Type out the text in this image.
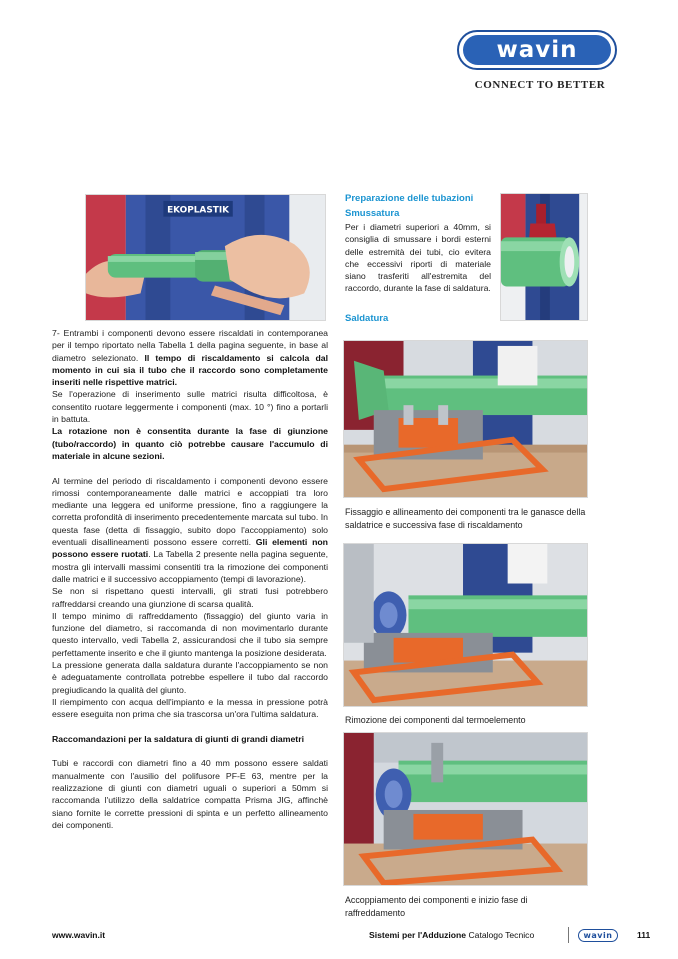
wavin
CONNECT TO BETTER
EKOPLASTIK
Preparazione delle tubazioni
Smussatura

Per i diametri superiori a 40mm, si consiglia di smussare i bordi esterni delle estremità dei tubi, cio evitera che eccessivi riporti di materiale siano trasferiti all'estremita del raccordo, durante la fase di saldatura.

Saldatura
Fissaggio e allineamento dei componenti tra le ganasce della saldatrice e successiva fase di riscaldamento
Rimozione dei componenti dal termoelemento
Accoppiamento dei componenti e inizio fase di raffreddamento

7- Entrambi i componenti devono essere riscaldati in contemporanea per il tempo riportato nella Tabella 1 della pagina seguente, in base al diametro selezionato. Il tempo di riscaldamento si calcola dal momento in cui sia il tubo che il raccordo sono completamente inseriti nelle rispettive matrici.
Se l'operazione di inserimento sulle matrici risulta difficoltosa, è consentito ruotare leggermente i componenti (max. 10 °) fino a portarli in battuta.
La rotazione non è consentita durante la fase di giunzione (tubo/raccordo) in quanto ciò potrebbe causare l'accumulo di materiale in alcune sezioni.

Al termine del periodo di riscaldamento i componenti devono essere rimossi contemporaneamente dalle matrici e accoppiati tra loro mediante una leggera ed uniforme pressione, fino a raggiungere la corretta profondità di inserimento precedentemente marcata sul tubo. In questa fase (detta di fissaggio, subito dopo l'accoppiamento) solo eventuali disallineamenti possono essere corretti. Gli elementi non possono essere ruotati. La Tabella 2 presente nella pagina seguente, mostra gli intervalli massimi consentiti tra la rimozione dei componenti dalle matrici e il successivo accoppiamento (tempi di lavorazione).
Se non si rispettano questi intervalli, gli strati fusi potrebbero raffreddarsi creando una giunzione di scarsa qualità.
Il tempo minimo di raffreddamento (fissaggio) del giunto varia in funzione del diametro, si raccomanda di non movimentarlo durante questo intervallo, vedi Tabella 2, assicurandosi che il tubo sia sempre perfettamente inserito e che il giunto mantenga la posizione desiderata.
La pressione generata dalla saldatura durante l'accoppiamento se non è adeguatamente controllata potrebbe espellere il tubo dal raccordo pregiudicando la qualità del giunto.
Il riempimento con acqua dell'impianto e la messa in pressione potrà essere eseguita non prima che sia trascorsa un'ora l'ultima saldatura.

Raccomandazioni per la saldatura di giunti di grandi diametri

Tubi e raccordi con diametri fino a 40 mm possono essere saldati manualmente con l'ausilio del polifusore PF-E 63, mentre per la realizzazione di giunti con diametri uguali o superiori a 50mm si raccomanda l'utilizzo della saldatrice compatta Prisma JIG, affinchè siano fornite le corrette pressioni di spinta e un perfetto allineamento dei componenti.

www.wavin.it	Sistemi per l'Adduzione Catalogo Tecnico	wavin	111
